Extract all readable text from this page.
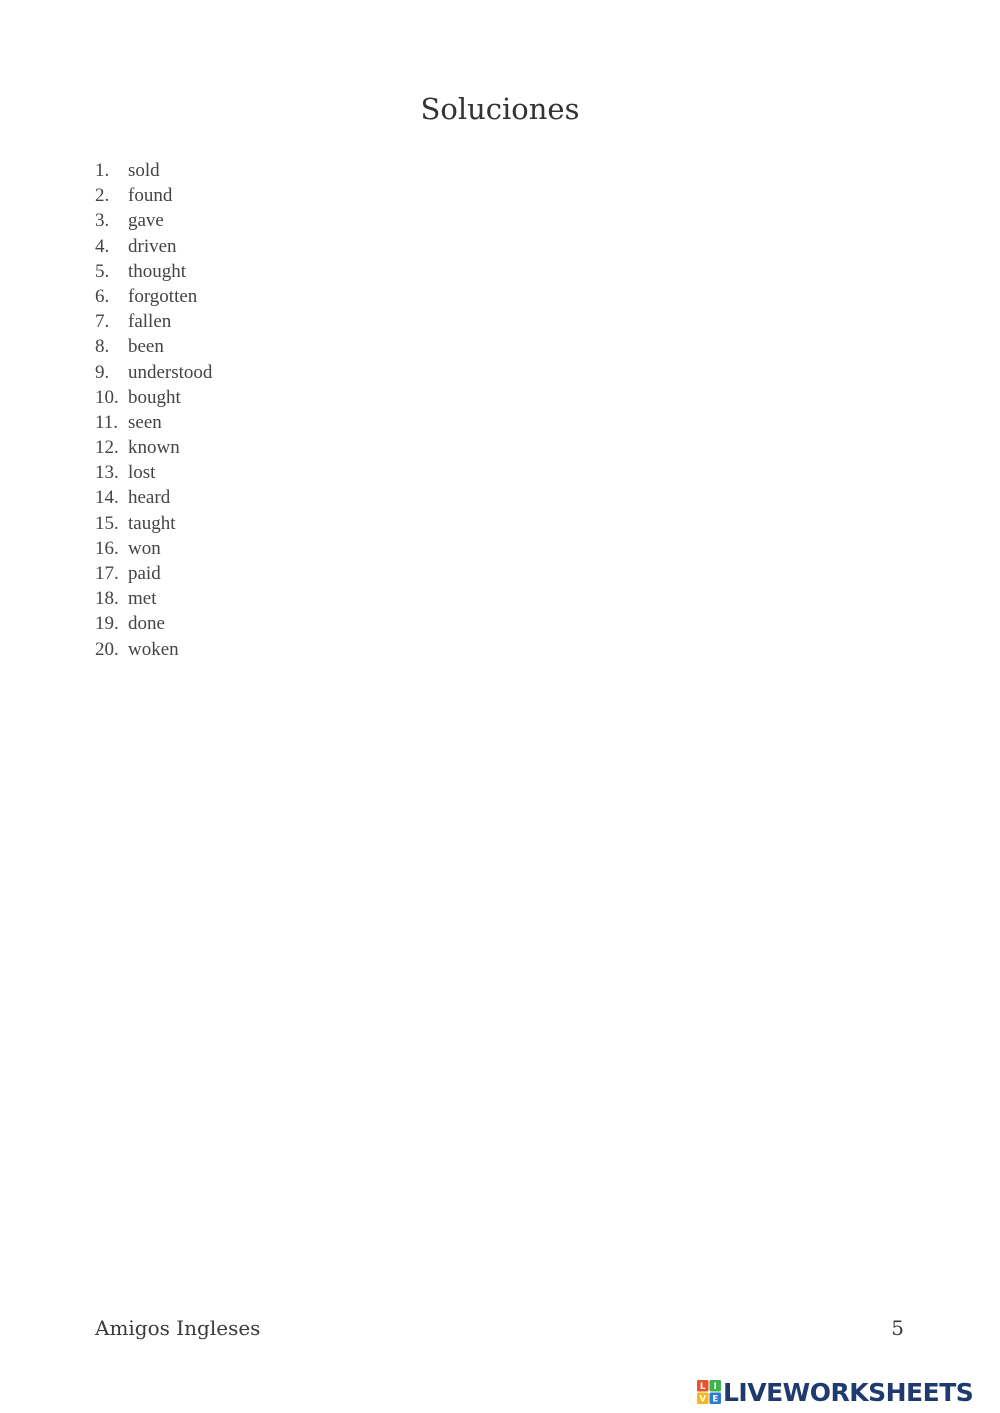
Soluciones
1. sold
2. found
3. gave
4. driven
5. thought
6. forgotten
7. fallen
8. been
9. understood
10. bought
11. seen
12. known
13. lost
14. heard
15. taught
16. won
17. paid
18. met
19. done
20. woken
Amigos Ingleses	5
L I
V E LIVEWORKSHEETS
